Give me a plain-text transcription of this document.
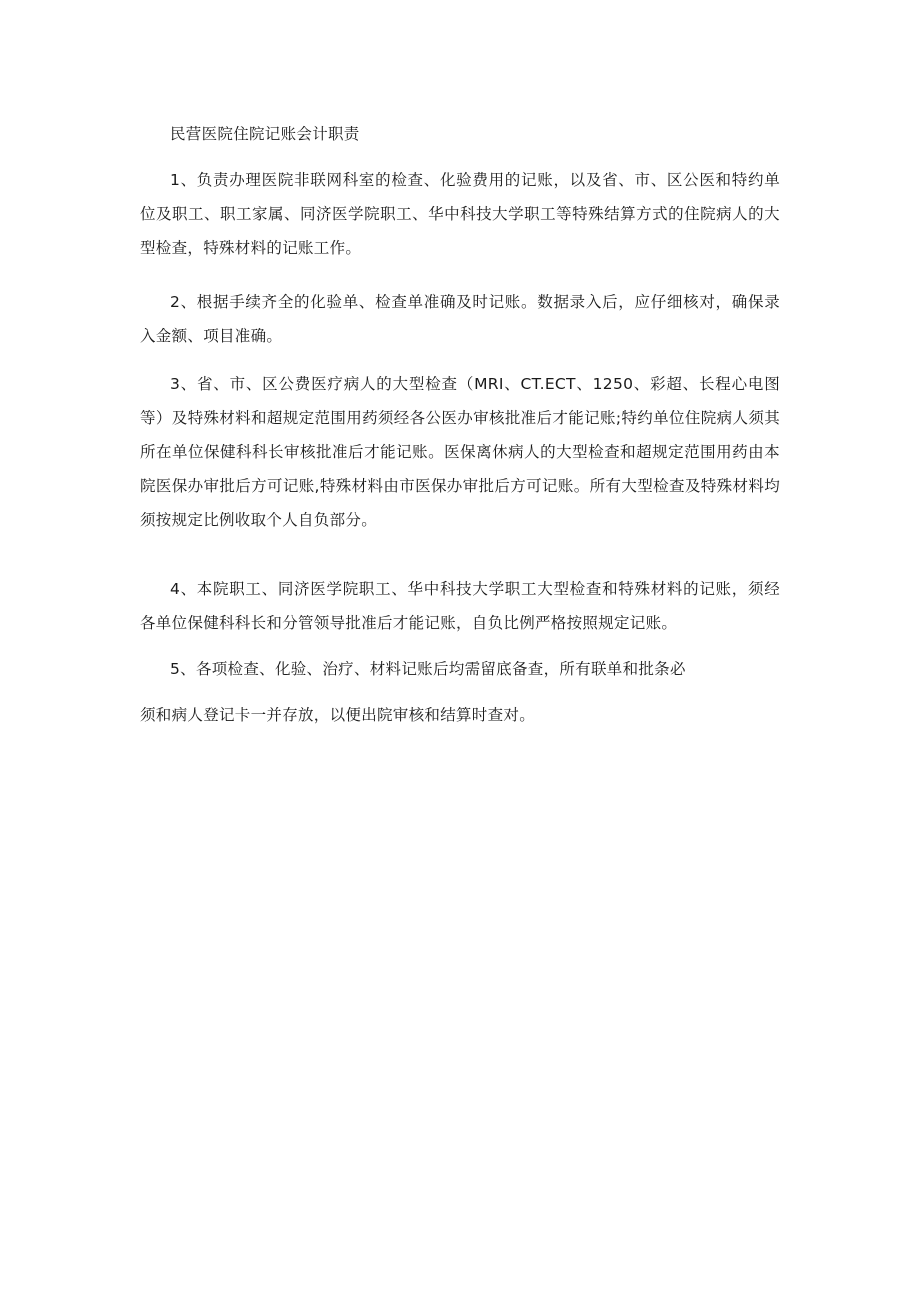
民营医院住院记账会计职责
1、负责办理医院非联网科室的检查、化验费用的记账，以及省、市、区公医和特约单位及职工、职工家属、同济医学院职工、华中科技大学职工等特殊结算方式的住院病人的大型检查，特殊材料的记账工作。
2、根据手续齐全的化验单、检查单准确及时记账。数据录入后，应仔细核对，确保录入金额、项目准确。
3、省、市、区公费医疗病人的大型检查（MRI、CT.ECT、1250、彩超、长程心电图等）及特殊材料和超规定范围用药须经各公医办审核批准后才能记账;特约单位住院病人须其所在单位保健科科长审核批准后才能记账。医保离休病人的大型检查和超规定范围用药由本院医保办审批后方可记账,特殊材料由市医保办审批后方可记账。所有大型检查及特殊材料均须按规定比例收取个人自负部分。
4、本院职工、同济医学院职工、华中科技大学职工大型检查和特殊材料的记账，须经各单位保健科科长和分管领导批准后才能记账，自负比例严格按照规定记账。
5、各项检查、化验、治疗、材料记账后均需留底备查，所有联单和批条必
须和病人登记卡一并存放，以便出院审核和结算时查对。
